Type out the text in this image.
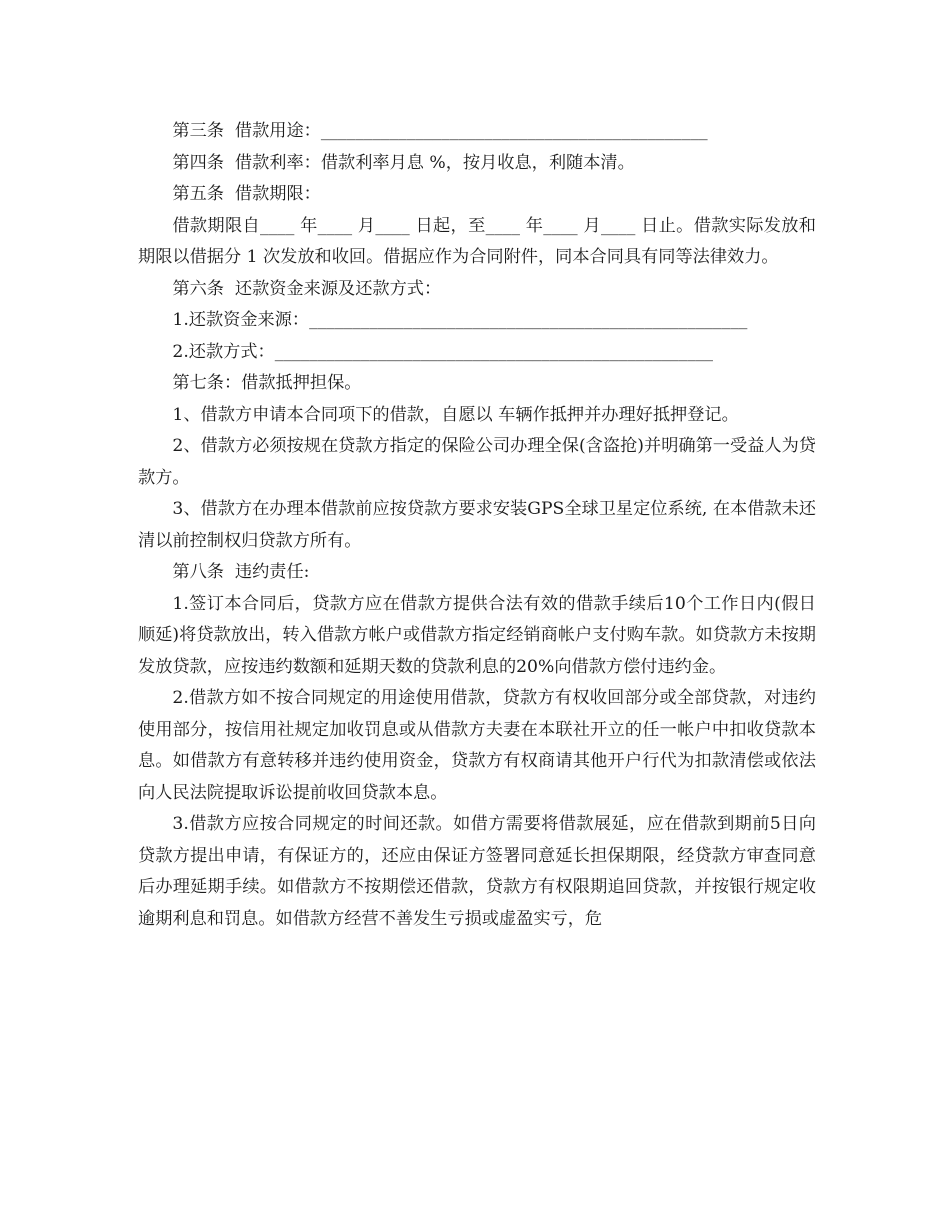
第三条  借款用途：_____________________________________________

第四条  借款利率：借款利率月息 %，按月收息，利随本清。

第五条  借款期限：

借款期限自____ 年____ 月____ 日起，至____ 年____ 月____ 日止。借款实际发放和期限以借据分 1 次发放和收回。借据应作为合同附件，同本合同具有同等法律效力。

第六条  还款资金来源及还款方式：

1.还款资金来源：___________________________________________________

2.还款方式：___________________________________________________

第七条：借款抵押担保。

1、借款方申请本合同项下的借款，自愿以 车辆作抵押并办理好抵押登记。

2、借款方必须按规在贷款方指定的保险公司办理全保(含盗抢)并明确第一受益人为贷款方。

3、借款方在办理本借款前应按贷款方要求安装GPS全球卫星定位系统, 在本借款未还清以前控制权归贷款方所有。

第八条  违约责任:

1.签订本合同后，贷款方应在借款方提供合法有效的借款手续后10个工作日内(假日顺延)将贷款放出，转入借款方帐户或借款方指定经销商帐户支付购车款。如贷款方未按期发放贷款，应按违约数额和延期天数的贷款利息的20%向借款方偿付违约金。

2.借款方如不按合同规定的用途使用借款，贷款方有权收回部分或全部贷款，对违约使用部分，按信用社规定加收罚息或从借款方夫妻在本联社开立的任一帐户中扣收贷款本息。如借款方有意转移并违约使用资金，贷款方有权商请其他开户行代为扣款清偿或依法向人民法院提取诉讼提前收回贷款本息。

3.借款方应按合同规定的时间还款。如借方需要将借款展延，应在借款到期前5日向贷款方提出申请，有保证方的，还应由保证方签署同意延长担保期限，经贷款方审查同意后办理延期手续。如借款方不按期偿还借款，贷款方有权限期追回贷款，并按银行规定收逾期利息和罚息。如借款方经营不善发生亏损或虚盈实亏，危
